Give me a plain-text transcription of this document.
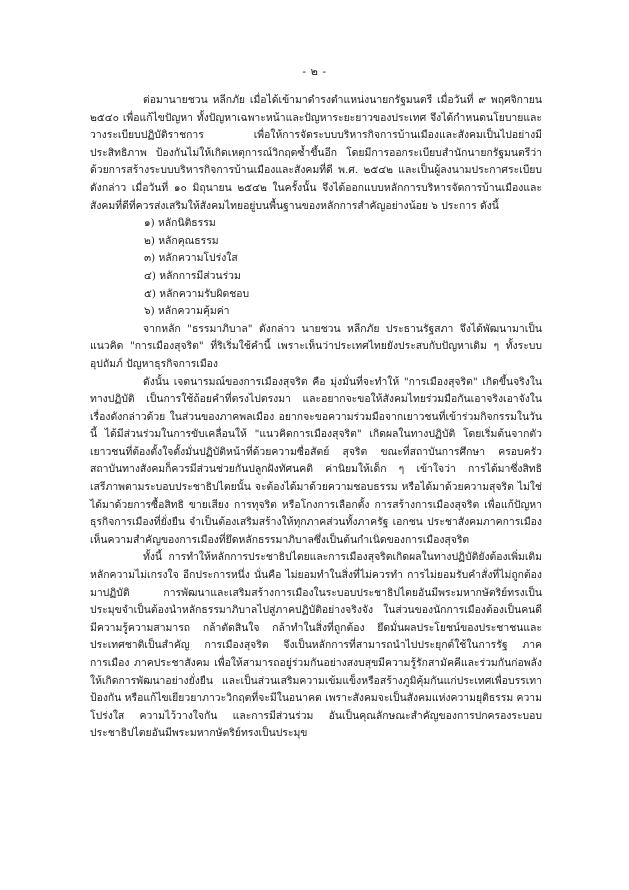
- ๒ -

ต่อมานายชวน หลีกภัย เมื่อได้เข้ามาดำรงตำแหน่งนายกรัฐมนตรี เมื่อวันที่ ๙ พฤศจิกายน ๒๕๔๐ เพื่อแก้ไขปัญหา ทั้งปัญหาเฉพาะหน้าและปัญหาระยะยาวของประเทศ จึงได้กำหนดนโยบายและวางระเบียบปฏิบัติราชการ เพื่อให้การจัดระบบบริหารกิจการบ้านเมืองและสังคมเป็นไปอย่างมีประสิทธิภาพ ป้องกันไม่ให้เกิดเหตุการณ์วิกฤตซ้ำขึ้นอีก โดยมีการออกระเบียบสำนักนายกรัฐมนตรีว่าด้วยการสร้างระบบบริหารกิจการบ้านเมืองและสังคมที่ดี พ.ศ. ๒๕๔๒ และเป็นผู้ลงนามประกาศระเบียบดังกล่าว เมื่อวันที่ ๑๐ มิถุนายน ๒๕๔๒ ในครั้งนั้น จึงได้ออกแบบหลักการบริหารจัดการบ้านเมืองและสังคมที่ดีที่ควรส่งเสริมให้สังคมไทยอยู่บนพื้นฐานของหลักการสำคัญอย่างน้อย ๖ ประการ ดังนี้

๑) หลักนิติธรรม
๒) หลักคุณธรรม
๓) หลักความโปร่งใส
๔) หลักการมีส่วนร่วม
๕) หลักความรับผิดชอบ
๖) หลักความคุ้มค่า

จากหลัก "ธรรมาภิบาล" ดังกล่าว นายชวน หลีกภัย ประธานรัฐสภา จึงได้พัฒนามาเป็นแนวคิด "การเมืองสุจริต" ที่ริเริ่มใช้คำนี้ เพราะเห็นว่าประเทศไทยยังประสบกับปัญหาเดิม ๆ ทั้งระบบอุปถัมภ์ ปัญหาธุรกิจการเมือง

ดังนั้น เจตนารมณ์ของการเมืองสุจริต คือ มุ่งมั่นที่จะทำให้ "การเมืองสุจริต" เกิดขึ้นจริงในทางปฏิบัติ เป็นการใช้ถ้อยคำที่ตรงไปตรงมา และอยากจะขอให้สังคมไทยร่วมมือกันเอาจริงเอาจังในเรื่องดังกล่าวด้วย ในส่วนของภาคพลเมือง อยากจะขอความร่วมมือจากเยาวชนที่เข้าร่วมกิจกรรมในวันนี้ ได้มีส่วนร่วมในการขับเคลื่อนให้ "แนวคิดการเมืองสุจริต" เกิดผลในทางปฏิบัติ โดยเริ่มต้นจากตัวเยาวชนที่ต้องตั้งใจตั้งมั่นปฏิบัติหน้าที่ด้วยความซื่อสัตย์ สุจริต ขณะที่สถาบันการศึกษา ครอบครัว สถาบันทางสังคมก็ควรมีส่วนช่วยกันปลูกฝังทัศนคติ ค่านิยมให้เด็ก ๆ เข้าใจว่า การได้มาซึ่งสิทธิ เสรีภาพตามระบอบประชาธิปไตยนั้น จะต้องได้มาด้วยความชอบธรรม หรือได้มาด้วยความสุจริต ไม่ใช่ได้มาด้วยการซื้อสิทธิ ขายเสียง การทุจริต หรือโกงการเลือกตั้ง การสร้างการเมืองสุจริต เพื่อแก้ปัญหาธุรกิจการเมืองที่ยั่งยืน จำเป็นต้องเสริมสร้างให้ทุกภาคส่วนทั้งภาครัฐ เอกชน ประชาสังคมภาคการเมือง เห็นความสำคัญของการเมืองที่ยึดหลักธรรมาภิบาลซึ่งเป็นต้นกำเนิดของการเมืองสุจริต

ทั้งนี้ การทำให้หลักการประชาธิปไตยและการเมืองสุจริตเกิดผลในทางปฏิบัติยังต้องเพิ่มเติมหลักความไม่เกรงใจ อีกประการหนึ่ง นั่นคือ ไม่ยอมทำในสิ่งที่ไม่ควรทำ การไม่ยอมรับคำสั่งที่ไม่ถูกต้องมาปฏิบัติ การพัฒนาและเสริมสร้างการเมืองในระบอบประชาธิปไตยอันมีพระมหากษัตริย์ทรงเป็นประมุขจำเป็นต้องนำหลักธรรมาภิบาลไปสู่ภาคปฏิบัติอย่างจริงจัง ในส่วนของนักการเมืองต้องเป็นคนดี มีความรู้ความสามารถ กล้าตัดสินใจ กล้าทำในสิ่งที่ถูกต้อง ยึดมั่นผลประโยชน์ของประชาชนและประเทศชาติเป็นสำคัญ การเมืองสุจริต จึงเป็นหลักการที่สามารถนำไปประยุกต์ใช้ในการรัฐ ภาคการเมือง ภาคประชาสังคม เพื่อให้สามารถอยู่ร่วมกันอย่างสงบสุขมีความรู้รักสามัคคีและร่วมกันก่อพลังให้เกิดการพัฒนาอย่างยั่งยืน และเป็นส่วนเสริมความเข้มแข็งหรือสร้างภูมิคุ้มกันแก่ประเทศเพื่อบรรเทาป้องกัน หรือแก้ไขเยียวยาภาวะวิกฤตที่จะมีในอนาคต เพราะสังคมจะเป็นสังคมแห่งความยุติธรรม ความโปร่งใส ความไว้วางใจกัน และการมีส่วนร่วม อันเป็นคุณลักษณะสำคัญของการปกครองระบอบประชาธิปไตยอันมีพระมหากษัตริย์ทรงเป็นประมุข
